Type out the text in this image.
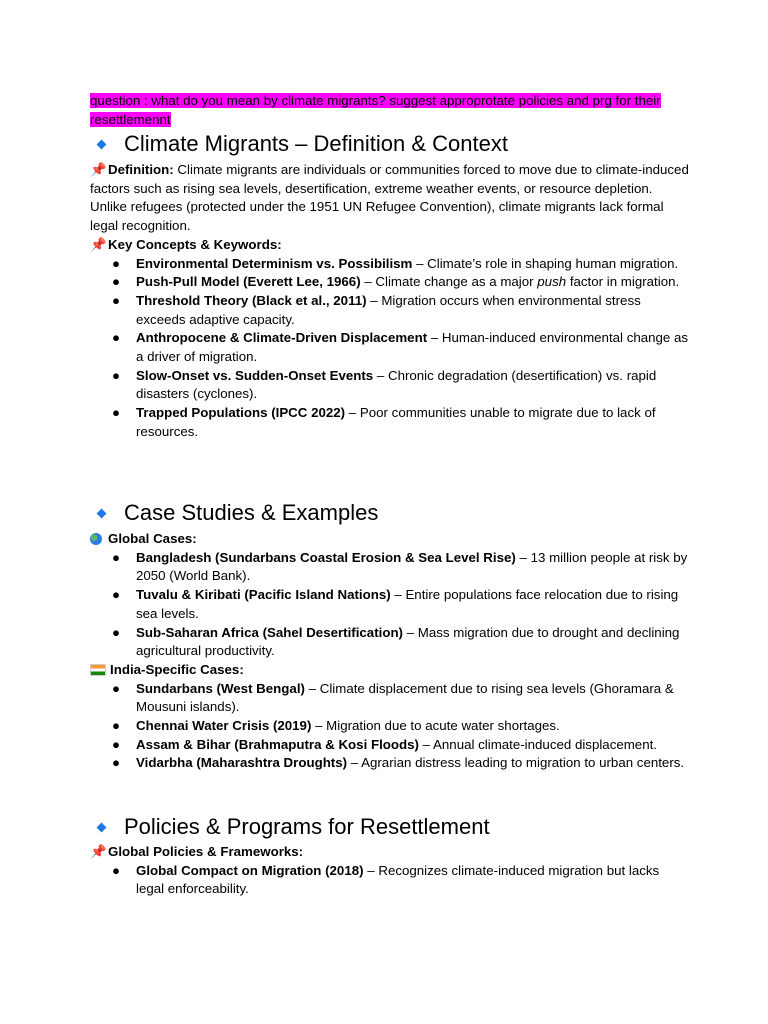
question : what do you mean by climate migrants? suggest approprotate policies and prg for their resettlemennt
Climate Migrants – Definition & Context

📌Definition: Climate migrants are individuals or communities forced to move due to climate-induced factors such as rising sea levels, desertification, extreme weather events, or resource depletion. Unlike refugees (protected under the 1951 UN Refugee Convention), climate migrants lack formal legal recognition.

📌 Key Concepts & Keywords:
● Environmental Determinism vs. Possibilism – Climate’s role in shaping human migration.
● Push-Pull Model (Everett Lee, 1966) – Climate change as a major push factor in migration.
● Threshold Theory (Black et al., 2011) – Migration occurs when environmental stress exceeds adaptive capacity.
● Anthropocene & Climate-Driven Displacement – Human-induced environmental change as a driver of migration.
● Slow-Onset vs. Sudden-Onset Events – Chronic degradation (desertification) vs. rapid disasters (cyclones).
● Trapped Populations (IPCC 2022) – Poor communities unable to migrate due to lack of resources.
Case Studies & Examples
Global Cases:
● Bangladesh (Sundarbans Coastal Erosion & Sea Level Rise) – 13 million people at risk by 2050 (World Bank).
● Tuvalu & Kiribati (Pacific Island Nations) – Entire populations face relocation due to rising sea levels.
● Sub-Saharan Africa (Sahel Desertification) – Mass migration due to drought and declining agricultural productivity.
India-Specific Cases:
● Sundarbans (West Bengal) – Climate displacement due to rising sea levels (Ghoramara & Mousuni islands).
● Chennai Water Crisis (2019) – Migration due to acute water shortages.
● Assam & Bihar (Brahmaputra & Kosi Floods) – Annual climate-induced displacement.
● Vidarbha (Maharashtra Droughts) – Agrarian distress leading to migration to urban centers.
Policies & Programs for Resettlement
📌 Global Policies & Frameworks:
● Global Compact on Migration (2018) – Recognizes climate-induced migration but lacks legal enforceability.
